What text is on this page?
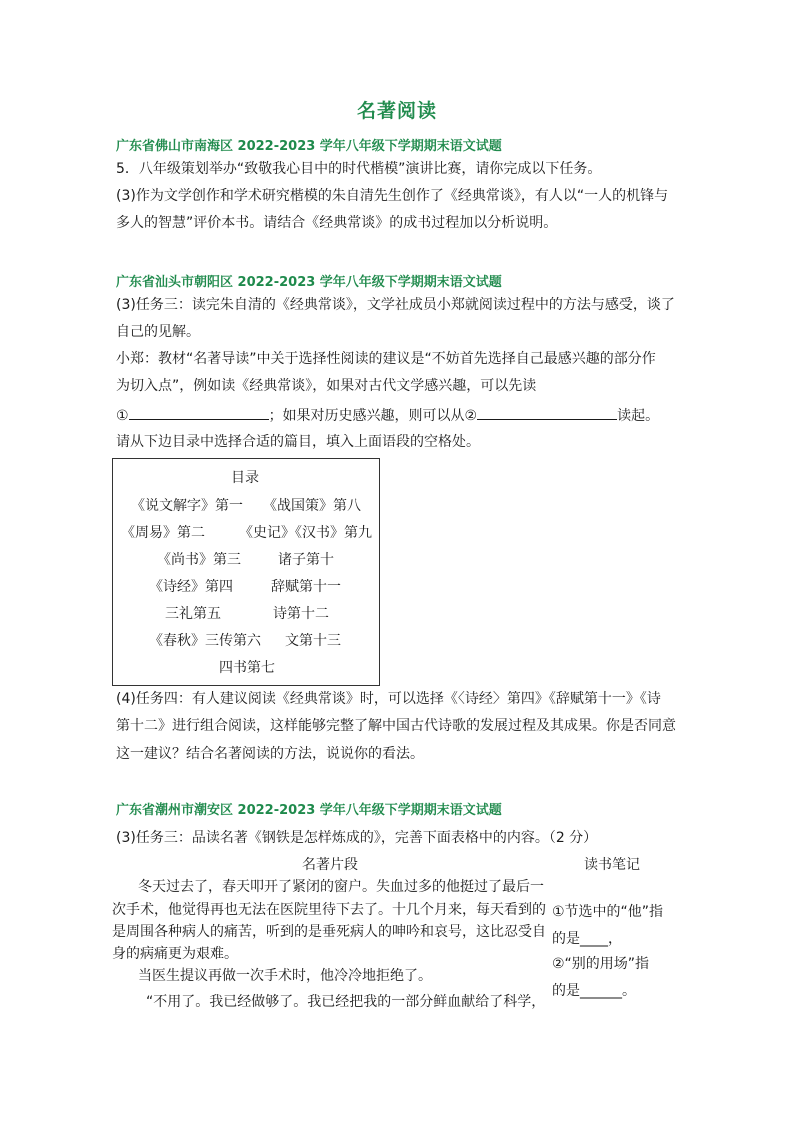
名著阅读
广东省佛山市南海区 2022-2023 学年八年级下学期期末语文试题
5．八年级策划举办“致敬我心目中的时代楷模”演讲比赛，请你完成以下任务。
(3)作为文学创作和学术研究楷模的朱自清先生创作了《经典常谈》，有人以“一人的机锋与
多人的智慧”评价本书。请结合《经典常谈》的成书过程加以分析说明。
广东省汕头市朝阳区 2022-2023 学年八年级下学期期末语文试题
(3)任务三：读完朱自清的《经典常谈》，文学社成员小郑就阅读过程中的方法与感受，谈了
自己的见解。
小郑：教材“名著导读”中关于选择性阅读的建议是“不妨首先选择自己最感兴趣的部分作
为切入点”，例如读《经典常谈》，如果对古代文学感兴趣，可以先读
①	；如果对历史感兴趣，则可以从②	读起。
请从下边目录中选择合适的篇目，填入上面语段的空格处。
目录
《说文解字》第一 《战国策》第八
《周易》第二 《史记》《汉书》第九
《尚书》第三	诸子第十
《诗经》第四	辞赋第十一
三礼第五	诗第十二
《春秋》三传第六 文第十三
四书第七
(4)任务四：有人建议阅读《经典常谈》时，可以选择《〈诗经〉第四》《辞赋第十一》《诗
第十二》进行组合阅读，这样能够完整了解中国古代诗歌的发展过程及其成果。你是否同意
这一建议？结合名著阅读的方法，说说你的看法。
广东省潮州市潮安区 2022-2023 学年八年级下学期期末语文试题
(3)任务三：品读名著《钢铁是怎样炼成的》，完善下面表格中的内容。（2 分）
名著片段	读书笔记
冬天过去了，春天叩开了紧闭的窗户。失血过多的他挺过了最后一
次手术，他觉得再也无法在医院里待下去了。十几个月来，每天看到的
是周围各种病人的痛苦，听到的是垂死病人的呻吟和哀号，这比忍受自
身的病痛更为艰难。
当医生提议再做一次手术时，他冷冷地拒绝了。
“不用了。我已经做够了。我已经把我的一部分鲜血献给了科学，
①节选中的“他”指
的是____，
②“别的用场”指
的是______。
